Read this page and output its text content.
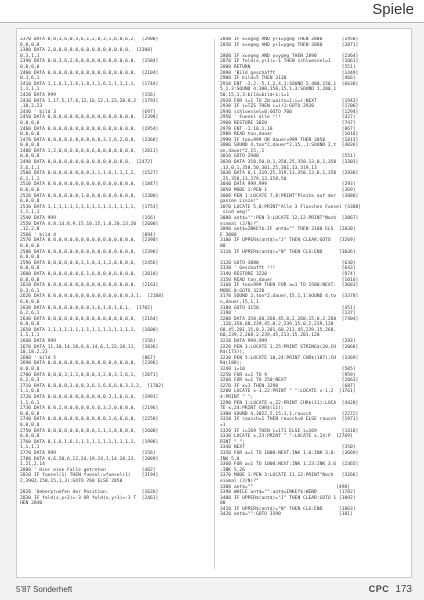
Spiele
2370 DATA 0,0,3,6,0,3,6,1,2,0,3,1,6,8,6,2,  [2900]
0,0,0,0
2380 DATA 2,0,0,0,8,0,0,0,0,0,0,0,0,0,0,  [2308]
0,3,1,1
2390 DATA 0,0,3,6,2,0,0,0,0,0,0,0,0,0,6,8,  [1584]
0,0,0,0
2400 DATA 0,0,0,0,0,0,0,0,0,0,0,0,0,0,0,0,  [2104]
0,3,6,1
2410 DATA 1,1,6,1,1,6,1,8,1,1,6,1,1,1,1,1,  [1744]
1,1,1,1
2420 DATA 999                               [156]
2430 DATA 1,17,5,17,6,12,16,12,1,23,20,8,2  [1793]
,18,2,23
2440 ' bild 3                               [697]
2450 DATA 0,0,0,0,0,0,0,0,0,0,0,0,0,0,0,0,  [2398]
0,0,0,0
2460 DATA 0,0,0,0,0,0,0,0,0,0,0,0,0,0,0,0,  [1954]
0,0,0,0
2470 DATA 0,0,0,0,6,8,0,8,0,0,3,1,6,2,0,0,  [2368]
0,0,0,0
2480 DATA 1,2,0,0,6,0,6,6,6,0,0,0,0,0,0,0,  [2011]
0,0,0,0
2490 DATA 0,0,0,0,0,0,0,0,0,0,0,0,0,8,0,  [2472]
3,6,1,1
2500 DATA 0,0,0,0,0,0,0,0,3,1,1,6,1,1,1,2,  [1527]
6,1,1,1
2510 DATA 0,0,0,0,0,0,0,0,0,0,0,0,0,0,0,0,  [1847]
0,0,0,0
2520 DATA 0,0,0,0,0,0,1,0,0,0,0,0,0,0,0,0,  [2300]
0,0,0,0
2530 DATA 1,1,1,1,1,1,1,1,1,1,1,1,1,1,1,1,  [1753]
1,1,1,1
2540 DATA 999                               [156]
2550 DATA 4,8,14,8,9,15,10,15,1,8,20,23,20  [2600]
,12,2,8
2560 ' bild 4                               [894]
2570 DATA 0,0,0,0,0,0,0,0,0,0,0,0,0,0,0,0,  [2390]
0,0,0,0
2580 DATA 0,0,0,0,0,0,0,0,0,0,0,0,0,0,0,0,  [2396]
0,0,0,0
2590 DATA 0,0,0,0,0,0,3,1,0,3,1,2,0,8,0,6,  [2456]
0,0,0,0
2600 DATA 0,0,0,0,0,0,6,1,6,0,0,0,6,0,0,0,  [2010]
0,0,0,0
2610 DATA 0,8,0,0,0,0,0,0,0,0,0,0,0,0,0,0,  [2163]
0,3,6,1
2620 DATA 0,0,0,0,0,0,0,0,0,0,0,0,0,0,0,3,1,  [2188]
6,0,0,0
2630 DATA 0,8,0,0,0,0,0,0,3,6,1,6,1,6,1,  [1702]
6,2,6,1
2640 DATA 0,0,0,0,0,0,0,0,0,0,0,0,0,0,0,0,  [2164]
0,0,0,0
2650 DATA 1,1,1,1,1,1,1,1,1,1,1,1,1,1,1,1,  [1600]
1,1,1,1
2660 DATA 999                               [156]
2670 DATA 11,10,14,18,6,6,14,6,1,23,20,11,  [2036]
10,18,2,23
2680 ' bild 5                               [867]
2690 DATA 0,0,0,0,0,0,0,0,0,0,0,0,0,0,0,0,  [2396]
0,0,0,0
2700 DATA 0,0,0,3,1,2,0,0,0,3,2,0,3,1,6,1,  [2071]
6,2,0,3
2710 DATA 0,8,0,0,3,0,0,3,6,1,6,6,6,0,3,1,2,  [1702]
1,1,0,0
2720 DATA 0,0,0,0,0,0,0,0,0,0,0,3,1,6,6,6,  [1991]
1,1,6,1
2730 DATA 0,0,2,0,0,0,0,0,6,6,3,2,0,0,0,0,  [2196]
0,0,0,8
2740 DATA 0,0,0,0,0,0,0,0,0,0,0,1,6,6,6,0,  [2250]
0,0,0,0
2750 DATA 0,0,0,0,0,0,0,0,6,1,1,1,8,8,0,0,  [2600]
0,0,0,0
2760 DATA 0,1,6,1,6,1,1,1,1,1,1,1,1,1,1,1,  [1998]
1,1,1,1
2770 DATA 999                               [156]
2780 DATA 4,6,20,6,12,24,19,24,1,14,20,23,  [2089]
1,21,2,14
2800 ' Hier eine Falle getreten             [482]
2810 IF fuesel(1) THEN fuesel:=fuesel(1)    [3194]
2,3902,150,15,1,3):GOTO 760 ELSE 2850

2820 'Ueberpruefen der Position:            [1626]
2830 IF feld(x,y+2)=-3 OR feld(x,y+1)=-3 T  [2461]
HEN 2840
2840 IF x=xgeg AND y+1=ygeg THEN 2800       [1958]
2850 IF x=xgeg AND y+1=ygeg THEN 2800       [2071]

2860 IF x=xgeg AND y=ygeg THEN 2890         [2364]
2870 IF feld(x,y+1)=-1 THEN schluessel=1    [1061]
2880 RETURN                                 [551]
2890 'Bild geschafft                        [1449]
2900 IF bild=5 THEN 3130                    [466]
2910 ENT -3,2,-5,1,2,4,1:SOUND 2,400,150,1  [6638]
5,1,3:SOUND 4,300,150,15,1,3:SOUND 1,200,1
50,15,1,3:bild=bild+1:i=1
2920 FOR i=1 TO 20:waits=1:i=i:NEXT         [1943]
2930 IF i=TZS THEN i=i+1:GOTO 2920          [1706]
2940 schluessel=0:GOTO 700                  [1294]
2950 ' Fuesel alle !!!                      [427]
2960 RESTORE 3020                           [747]
2970 ENT -1,10,1,10                         [867]
2980 READ ton,dauer                         [1016]
2990 IF ton=999 OR dauer=999 THEN 3050      [1813]
3000 SOUND 4,ton*2,dauer*2,15,,1:SOUND 2,t  [4036]
on,dauer*2,15,,1
3010 GOTO 2980                              [551]
3020 DATA 358,50,0,1,358,25,358,13,0,1,358  [3303]
,13,0,1,358,50,301,25,301,13,319,13
3030 DATA 0,1,319,25,319,13,358,13,0,1,358  [2938]
,25,358,13,379,13,358,50
3040 DATA 999,999                           [293]
3050 MODE 1:PEN 1                           [369]
3060 PEN 1:LOCATE 7,8:PRINT"Pleite auf der  [3888]
ganzen Linie!"
3070 LOCATE 5,8:PRINT"Alle 3 Flaschen Fuesel [4388]
sind weg!"
3080 ant$="":PEN 3:LOCATE 12,12:PRINT"Noch  [3067]
einmal (J/N)?"
3090 ant$=INKEY$:IF ant$="" THEN 3100 ELS  [2030]
E 3080
3100 IF UPPER$(ant$)="J" THEN CLEAR:GOTO   [3269]
00
3110 IF UPPER$(ant$)="N" THEN CLS:END      [3036]

3120 GOTO 3080                              [630]
3130 ' Geschafft !!!                        [643]
3140 RESTORE 3220                           [974]
3150 READ ton,dauer                         [1016]
3160 IF ton=999 THEN FOR a=1 TO 1500:NEXT:  [3683]
MODE 0:GOTO 3220
3170 SOUND 2,ton*2,dauer,15,1,1:SOUND 4,to  [3378]
n,dauer,15,1,1
3180 GOTO 3150                              [451]
3190 '                                      [137]
3200 DATA 358,60,268,45,0,2,268,15,0,2,268  [7404]
,120,358,60,239,45,0,2,239,15,0,2,239,120
68,45,201,15,0,2,201,60,213,45,239,15,268,
60,239,2,268,2,239,45,213,15,201,120
3210 DATA 999,999                           [293]
3220 PEN 3:LOCATE 1,25:PRINT STRING$(20,CH  [2068]
R$(173));
3230 PEN 5:LOCATE 10,24:PRINT CHR$(187);CH  [3369]
R$(188);
3240 i=10                                   [505]
3250 FOR x=1 TO 9                           [959]
3260 FOR a=1 TO 250:NEXT                    [2063]
3270 IF x=1 THEN 3290                       [687]
3280 LOCATE x-1,22:PRINT " ":LOCATE x-1,2  [1761]
4:PRINT " ";
3290 PEN 1:LOCATE x,22:PRINT CHR$(11):LOCA  [4420]
TE x,24:PRINT CHR$(11);
3300 SOUND 4,3022,5,15,1,1,rausch           [2272]
3310 IF rausch=1 THEN rausch=0 ELSE rausch  [1971]
=1
3320 IF i=169 THEN i=171 ELSE i=169         [1418]
3330 LOCATE x,23:PRINT " ":LOCATE x,24:P  [2769]
RINT " ";
3340 NEXT                                   [350]
3350 FOR a=1 TO 1000:NEXT:INK 1,0:INK 3,0:  [3669]
INK 5,0
3360 FOR a=1 TO 1000:NEXT:INK 1,23:INK 3,6  [2365]
:INK 5,26
3370 MODE 1:PEN 3:LOCATE 11,12:PRINT"Noch   [3266]
einmal (J/N)?"
3380 ant$=""                              [498]
3390 WHILE ant$="":ant$=INKEY$:WEND        [1782]
3400 IF UPPER$(ant$)="J" THEN CLEAR:GOTO 1 [3092]
00
3410 IF UPPER$(ant$)="N" THEN CLS:END      [1863]
3420 ant$="":GOTO 3390                     [381]
5'87 Sonderheft	CPC 173
